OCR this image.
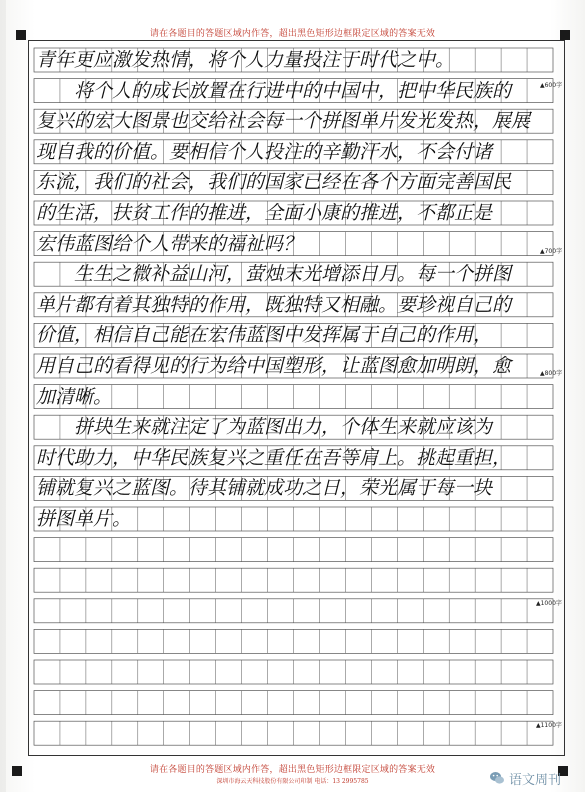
请在各题目的答题区域内作答，超出黑色矩形边框限定区域的答案无效
青年更应激发热情，将个人力量投注于时代之中。
　　将个人的成长放置在行进中的中国中，把中华民族的
复兴的宏大图景也交给社会每一个拼图单片发光发热，展展
现自我的价值。要相信个人投注的辛勤汗水，不会付诸
东流，我们的社会，我们的国家已经在各个方面完善国民
的生活，扶贫工作的推进，全面小康的推进，不都正是
宏伟蓝图给个人带来的福祉吗？
　　生生之微补益山河，萤烛末光增添日月。每一个拼图
单片都有着其独特的作用，既独特又相融。要珍视自己的
价值，相信自己能在宏伟蓝图中发挥属于自己的作用，
用自己的看得见的行为给中国塑形，让蓝图愈加明朗，愈
加清晰。
　　拼块生来就注定了为蓝图出力，个体生来就应该为
时代助力，中华民族复兴之重任在吾等肩上。挑起重担，
铺就复兴之蓝图。待其铺就成功之日，荣光属于每一块
拼图单片。
▲700字
▲800字
▲1000字
▲1100字
▲600字
请在各题目的答题区域内作答，超出黑色矩形边框限定区域的答案无效
深圳市海云天科技股份有限公司印制 电话：13 2995785	语文周刊
